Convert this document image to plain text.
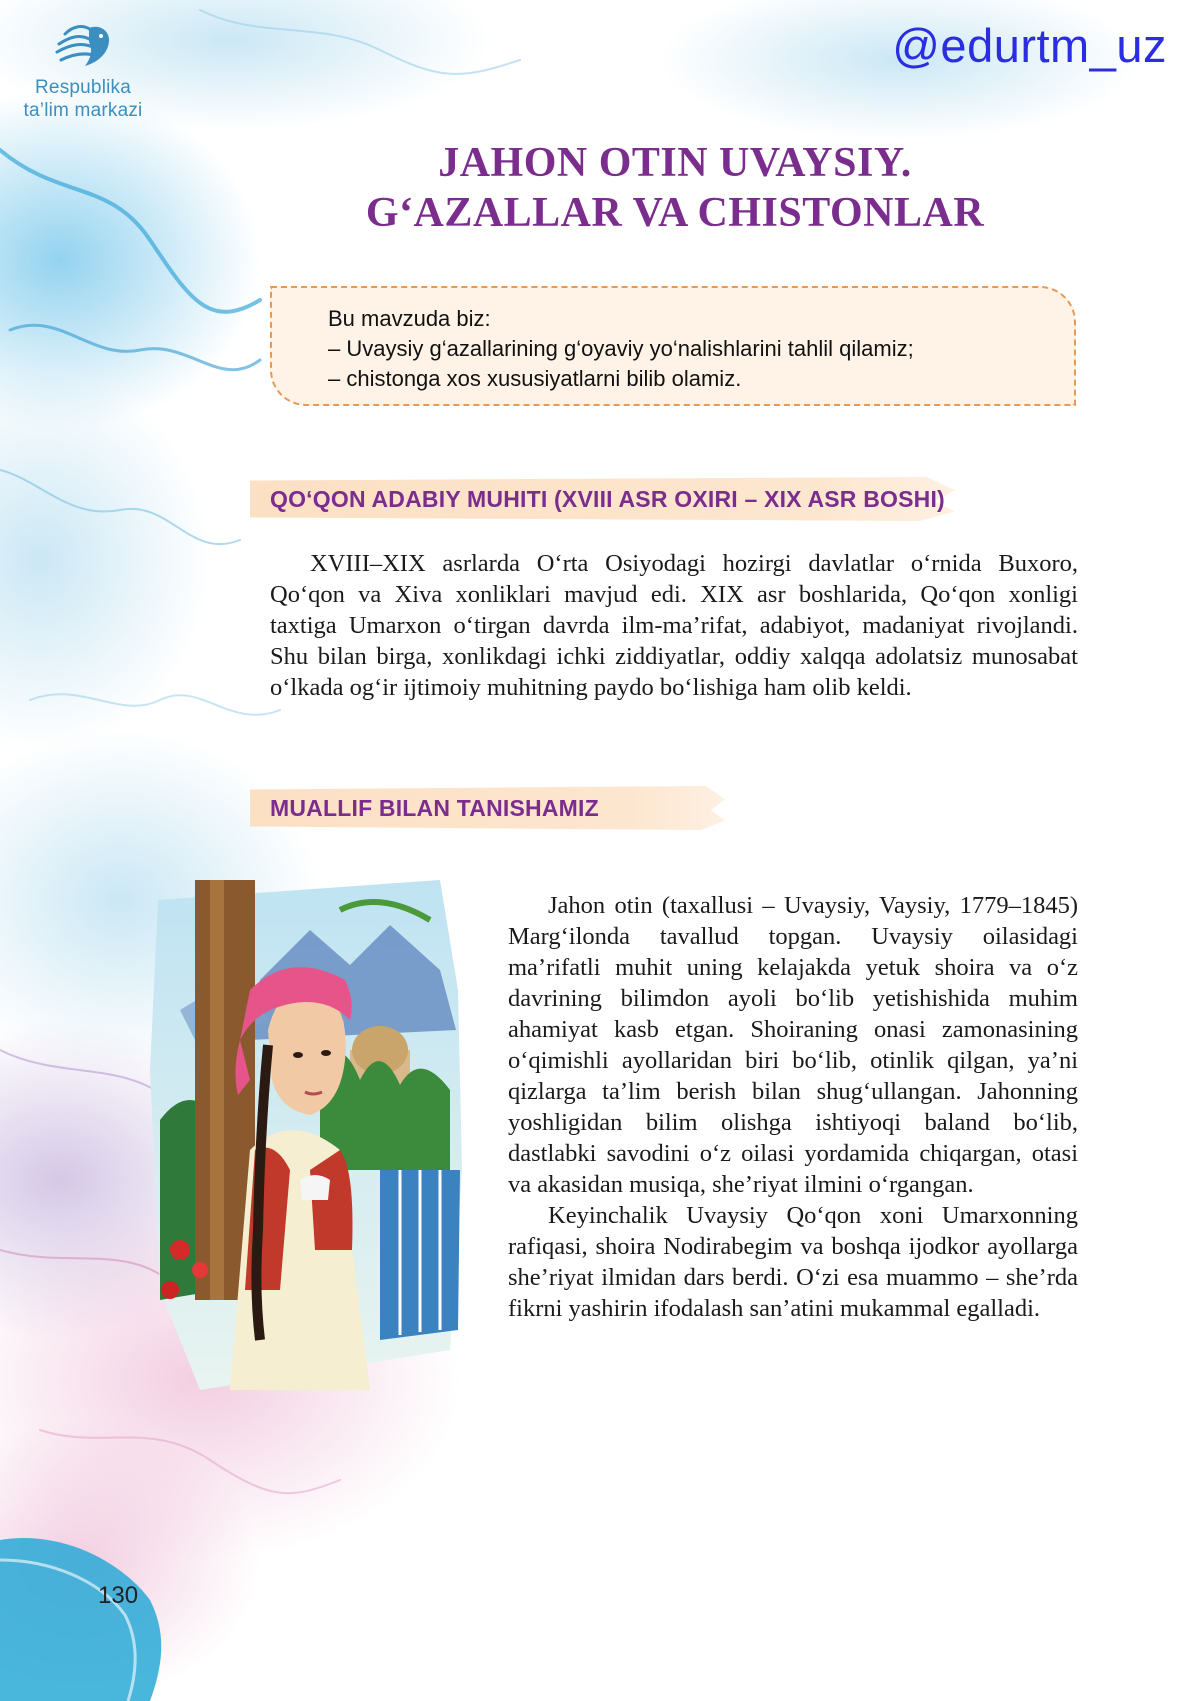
Respublika
ta’lim markazi
@edurtm_uz
JAHON OTIN UVAYSIY.
G‘AZALLAR VA CHISTONLAR
Bu mavzuda biz:
– Uvaysiy g‘azallarining g‘oyaviy yo‘nalishlarini tahlil qilamiz;
– chistonga xos xususiyatlarni bilib olamiz.
QO‘QON ADABIY MUHITI (XVIII ASR OXIRI – XIX ASR BOSHI)

XVIII–XIX asrlarda O‘rta Osiyodagi hozirgi davlatlar o‘rnida Buxoro, Qo‘qon va Xiva xonliklari mavjud edi. XIX asr boshlarida, Qo‘qon xonligi taxtiga Umarxon o‘tirgan davrda ilm-ma’rifat, adabiyot, madaniyat rivojlandi. Shu bilan birga, xonlikdagi ichki ziddiyatlar, oddiy xalqqa adolatsiz munosabat o‘lkada og‘ir ijtimoiy muhitning paydo bo‘lishiga ham olib keldi.

MUALLIF BILAN TANISHAMIZ

Jahon otin (taxallusi – Uvaysiy, Vaysiy, 1779–1845) Marg‘ilonda tavallud topgan. Uvaysiy oilasidagi ma’rifatli muhit uning kelajakda yetuk shoira va o‘z davrining bilimdon ayoli bo‘lib yetishishida muhim ahamiyat kasb etgan. Shoiraning onasi zamonasining o‘qimishli ayollaridan biri bo‘lib, otinlik qilgan, ya’ni qizlarga ta’lim berish bilan shug‘ullangan. Jahonning yoshligidan bilim olishga ishtiyoqi baland bo‘lib, dastlabki savodini o‘z oilasi yordamida chiqargan, otasi va akasidan musiqa, she’riyat ilmini o‘rgangan.

Keyinchalik Uvaysiy Qo‘qon xoni Umarxonning rafiqasi, shoira Nodirabegim va boshqa ijodkor ayollarga she’riyat ilmidan dars berdi. O‘zi esa muammo – she’rda fikrni yashirin ifodalash san’atini mukammal egalladi.

130
